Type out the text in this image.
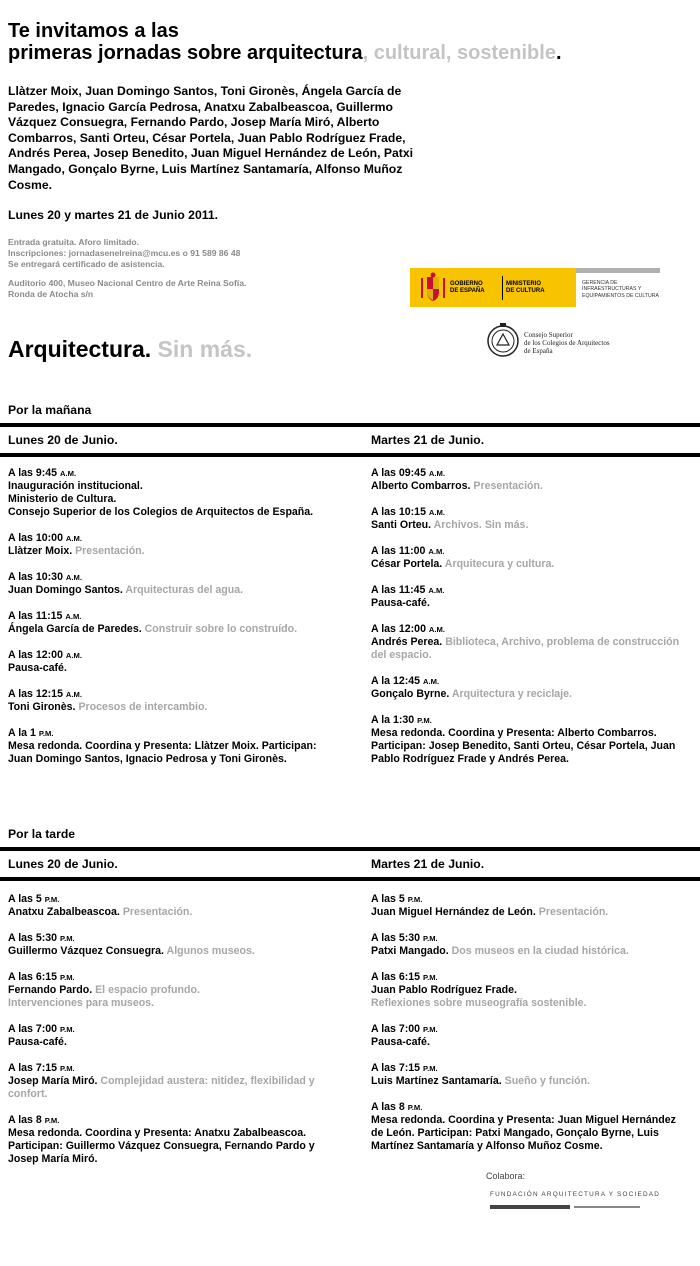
Te invitamos a las
primeras jornadas sobre arquitectura, cultural, sostenible.
Llàtzer Moix, Juan Domingo Santos, Toni Gironès, Ángela García de Paredes, Ignacio García Pedrosa, Anatxu Zabalbeascoa, Guillermo Vázquez Consuegra, Fernando Pardo, Josep María Miró, Alberto Combarros, Santi Orteu, César Portela, Juan Pablo Rodríguez Frade, Andrés Perea, Josep Benedito, Juan Miguel Hernández de León, Patxi Mangado, Gonçalo Byrne, Luis Martínez Santamaría, Alfonso Muñoz Cosme.
Lunes 20 y martes 21 de Junio 2011.
Entrada gratuita. Aforo limitado.
Inscripciones: jornadasenelreina@mcu.es o 91 589 86 48
Se entregará certificado de asistencia.
Auditorio 400, Museo Nacional Centro de Arte Reina Sofía.
Ronda de Atocha s/n
GOBIERNO
DE ESPAÑA
MINISTERIO
DE CULTURA
GERENCIA DE
INFRAESTRUCTURAS Y
EQUIPAMIENTOS DE CULTURA
Consejo Superior
de los Colegios de Arquitectos
de España
Arquitectura. Sin más.
Por la mañana
Lunes 20 de Junio.	Martes 21 de Junio.
A las 9:45 A.M.
Inauguración institucional.
Ministerio de Cultura.
Consejo Superior de los Colegios de Arquitectos de España.
A las 10:00 A.M.
Llàtzer Moix. Presentación.
A las 10:30 A.M.
Juan Domingo Santos. Arquitecturas del agua.
A las 11:15 A.M.
Ángela García de Paredes. Construir sobre lo construído.
A las 12:00 A.M.
Pausa-café.
A las 12:15 A.M.
Toni Gironès. Procesos de intercambio.
A la 1 P.M.
Mesa redonda. Coordina y Presenta: Llàtzer Moix. Participan: Juan Domingo Santos, Ignacio Pedrosa y Toni Gironès.
A las 09:45 A.M.
Alberto Combarros. Presentación.
A las 10:15 A.M.
Santi Orteu. Archivos. Sin más.
A las 11:00 A.M.
César Portela. Arquitecura y cultura.
A las 11:45 A.M.
Pausa-café.
A las 12:00 A.M.
Andrés Perea. Biblioteca, Archivo, problema de construcción del espacio.
A la 12:45 A.M.
Gonçalo Byrne. Arquitectura y reciclaje.
A la 1:30 P.M.
Mesa redonda. Coordina y Presenta: Alberto Combarros. Participan: Josep Benedito, Santi Orteu, César Portela, Juan Pablo Rodríguez Frade y Andrés Perea.
Por la tarde
Lunes 20 de Junio.	Martes 21 de Junio.
A las 5 P.M.
Anatxu Zabalbeascoa. Presentación.
A las 5:30 P.M.
Guillermo Vázquez Consuegra. Algunos museos.
A las 6:15 P.M.
Fernando Pardo. El espacio profundo.
Intervenciones para museos.
A las 7:00 P.M.
Pausa-café.
A las 7:15 P.M.
Josep María Miró. Complejidad austera: nitidez, flexibilidad y confort.
A las 8 P.M.
Mesa redonda. Coordina y Presenta: Anatxu Zabalbeascoa. Participan: Guillermo Vázquez Consuegra, Fernando Pardo y Josep María Miró.
A las 5 P.M.
Juan Miguel Hernández de León. Presentación.
A las 5:30 P.M.
Patxi Mangado. Dos museos en la ciudad histórica.
A las 6:15 P.M.
Juan Pablo Rodríguez Frade.
Reflexiones sobre museografía sostenible.
A las 7:00 P.M.
Pausa-café.
A las 7:15 P.M.
Luis Martínez Santamaría. Sueño y función.
A las 8 P.M.
Mesa redonda. Coordina y Presenta: Juan Miguel Hernández de León. Participan: Patxi Mangado, Gonçalo Byrne, Luis Martínez Santamaría y Alfonso Muñoz Cosme.
Colabora:
FUNDACIÓN ARQUITECTURA Y SOCIEDAD
